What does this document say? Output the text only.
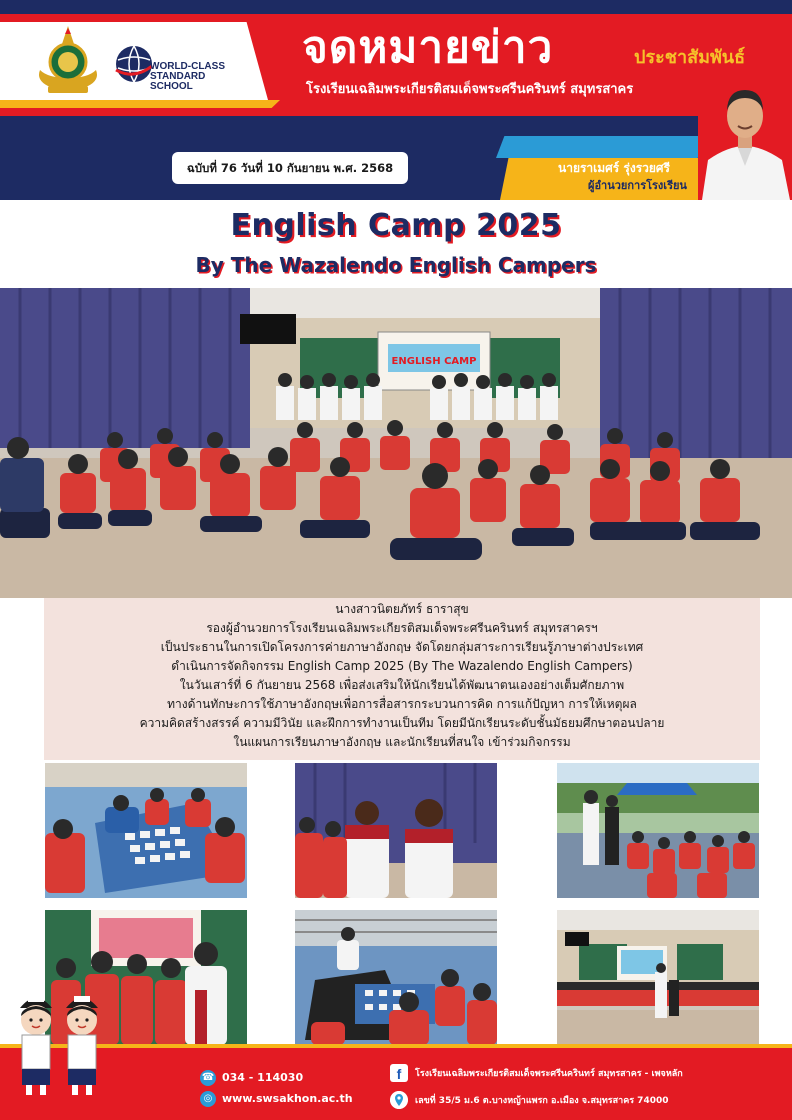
WORLD-CLASS
STANDARD SCHOOL
จดหมายข่าว	ประชาสัมพันธ์
โรงเรียนเฉลิมพระเกียรติสมเด็จพระศรีนครินทร์ สมุทรสาคร
ฉบับที่ 76 วันที่ 10 กันยายน พ.ศ. 2568	นายราเมศร์ รุ่งรวยศรี
ผู้อำนวยการโรงเรียน
English Camp 2025
By The Wazalendo English Campers
ENGLISH CAMP
นางสาวนิตยภัทร์ ธาราสุข
รองผู้อำนวยการโรงเรียนเฉลิมพระเกียรติสมเด็จพระศรีนครินทร์ สมุทรสาครฯ
เป็นประธานในการเปิดโครงการค่ายภาษาอังกฤษ จัดโดยกลุ่มสาระการเรียนรู้ภาษาต่างประเทศ
ดำเนินการจัดกิจกรรม English Camp 2025 (By The Wazalendo English Campers)
ในวันเสาร์ที่ 6 กันยายน 2568 เพื่อส่งเสริมให้นักเรียนได้พัฒนาตนเองอย่างเต็มศักยภาพ
ทางด้านทักษะการใช้ภาษาอังกฤษเพื่อการสื่อสารกระบวนการคิด การแก้ปัญหา การให้เหตุผล
ความคิดสร้างสรรค์ ความมีวินัย และฝึกการทำงานเป็นทีม โดยมีนักเรียนระดับชั้นมัธยมศึกษาตอนปลาย
ในแผนการเรียนภาษาอังกฤษ และนักเรียนที่สนใจ เข้าร่วมกิจกรรม
☎ 034 - 114030
◎ www.swsakhon.ac.th
f	โรงเรียนเฉลิมพระเกียรติสมเด็จพระศรีนครินทร์ สมุทรสาคร - เพจหลัก
เลขที่ 35/5 ม.6 ต.บางหญ้าแพรก อ.เมือง จ.สมุทรสาคร 74000
